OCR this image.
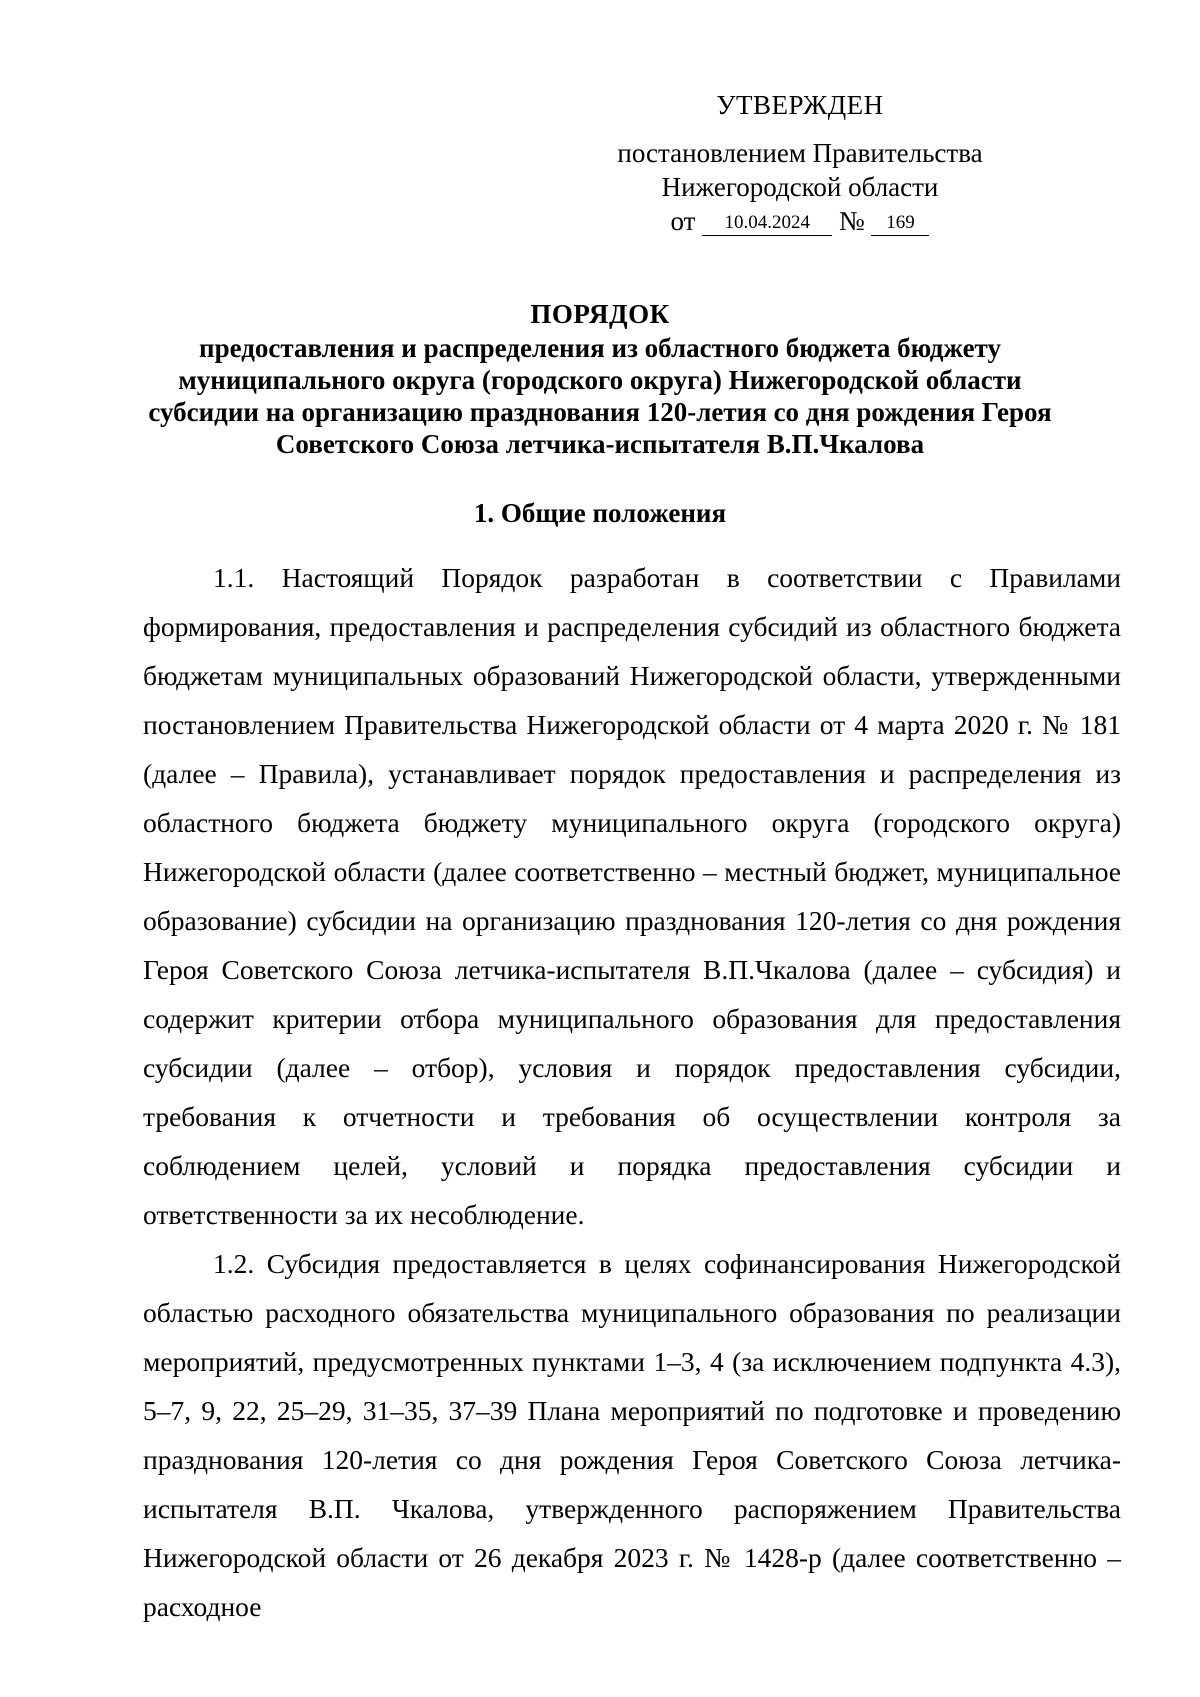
УТВЕРЖДЕН
постановлением Правительства
Нижегородской области
от 10.04.2024 № 169
ПОРЯДОК
предоставления и распределения из областного бюджета бюджету муниципального округа (городского округа) Нижегородской области субсидии на организацию празднования 120-летия со дня рождения Героя Советского Союза летчика-испытателя В.П.Чкалова
1. Общие положения

1.1. Настоящий Порядок разработан в соответствии с Правилами формирования, предоставления и распределения субсидий из областного бюджета бюджетам муниципальных образований Нижегородской области, утвержденными постановлением Правительства Нижегородской области от 4 марта 2020 г. № 181 (далее – Правила), устанавливает порядок предоставления и распределения из областного бюджета бюджету муниципального округа (городского округа) Нижегородской области (далее соответственно – местный бюджет, муниципальное образование) субсидии на организацию празднования 120-летия со дня рождения Героя Советского Союза летчика-испытателя В.П.Чкалова (далее – субсидия) и содержит критерии отбора муниципального образования для предоставления субсидии (далее – отбор), условия и порядок предоставления субсидии, требования к отчетности и требования об осуществлении контроля за соблюдением целей, условий и порядка предоставления субсидии и ответственности за их несоблюдение.

1.2. Субсидия предоставляется в целях софинансирования Нижегородской областью расходного обязательства муниципального образования по реализации мероприятий, предусмотренных пунктами 1–3, 4 (за исключением подпункта 4.3), 5–7, 9, 22, 25–29, 31–35, 37–39 Плана мероприятий по подготовке и проведению празднования 120-летия со дня рождения Героя Советского Союза летчика-испытателя В.П. Чкалова, утвержденного распоряжением Правительства Нижегородской области от 26 декабря 2023 г. № 1428-р (далее соответственно – расходное
